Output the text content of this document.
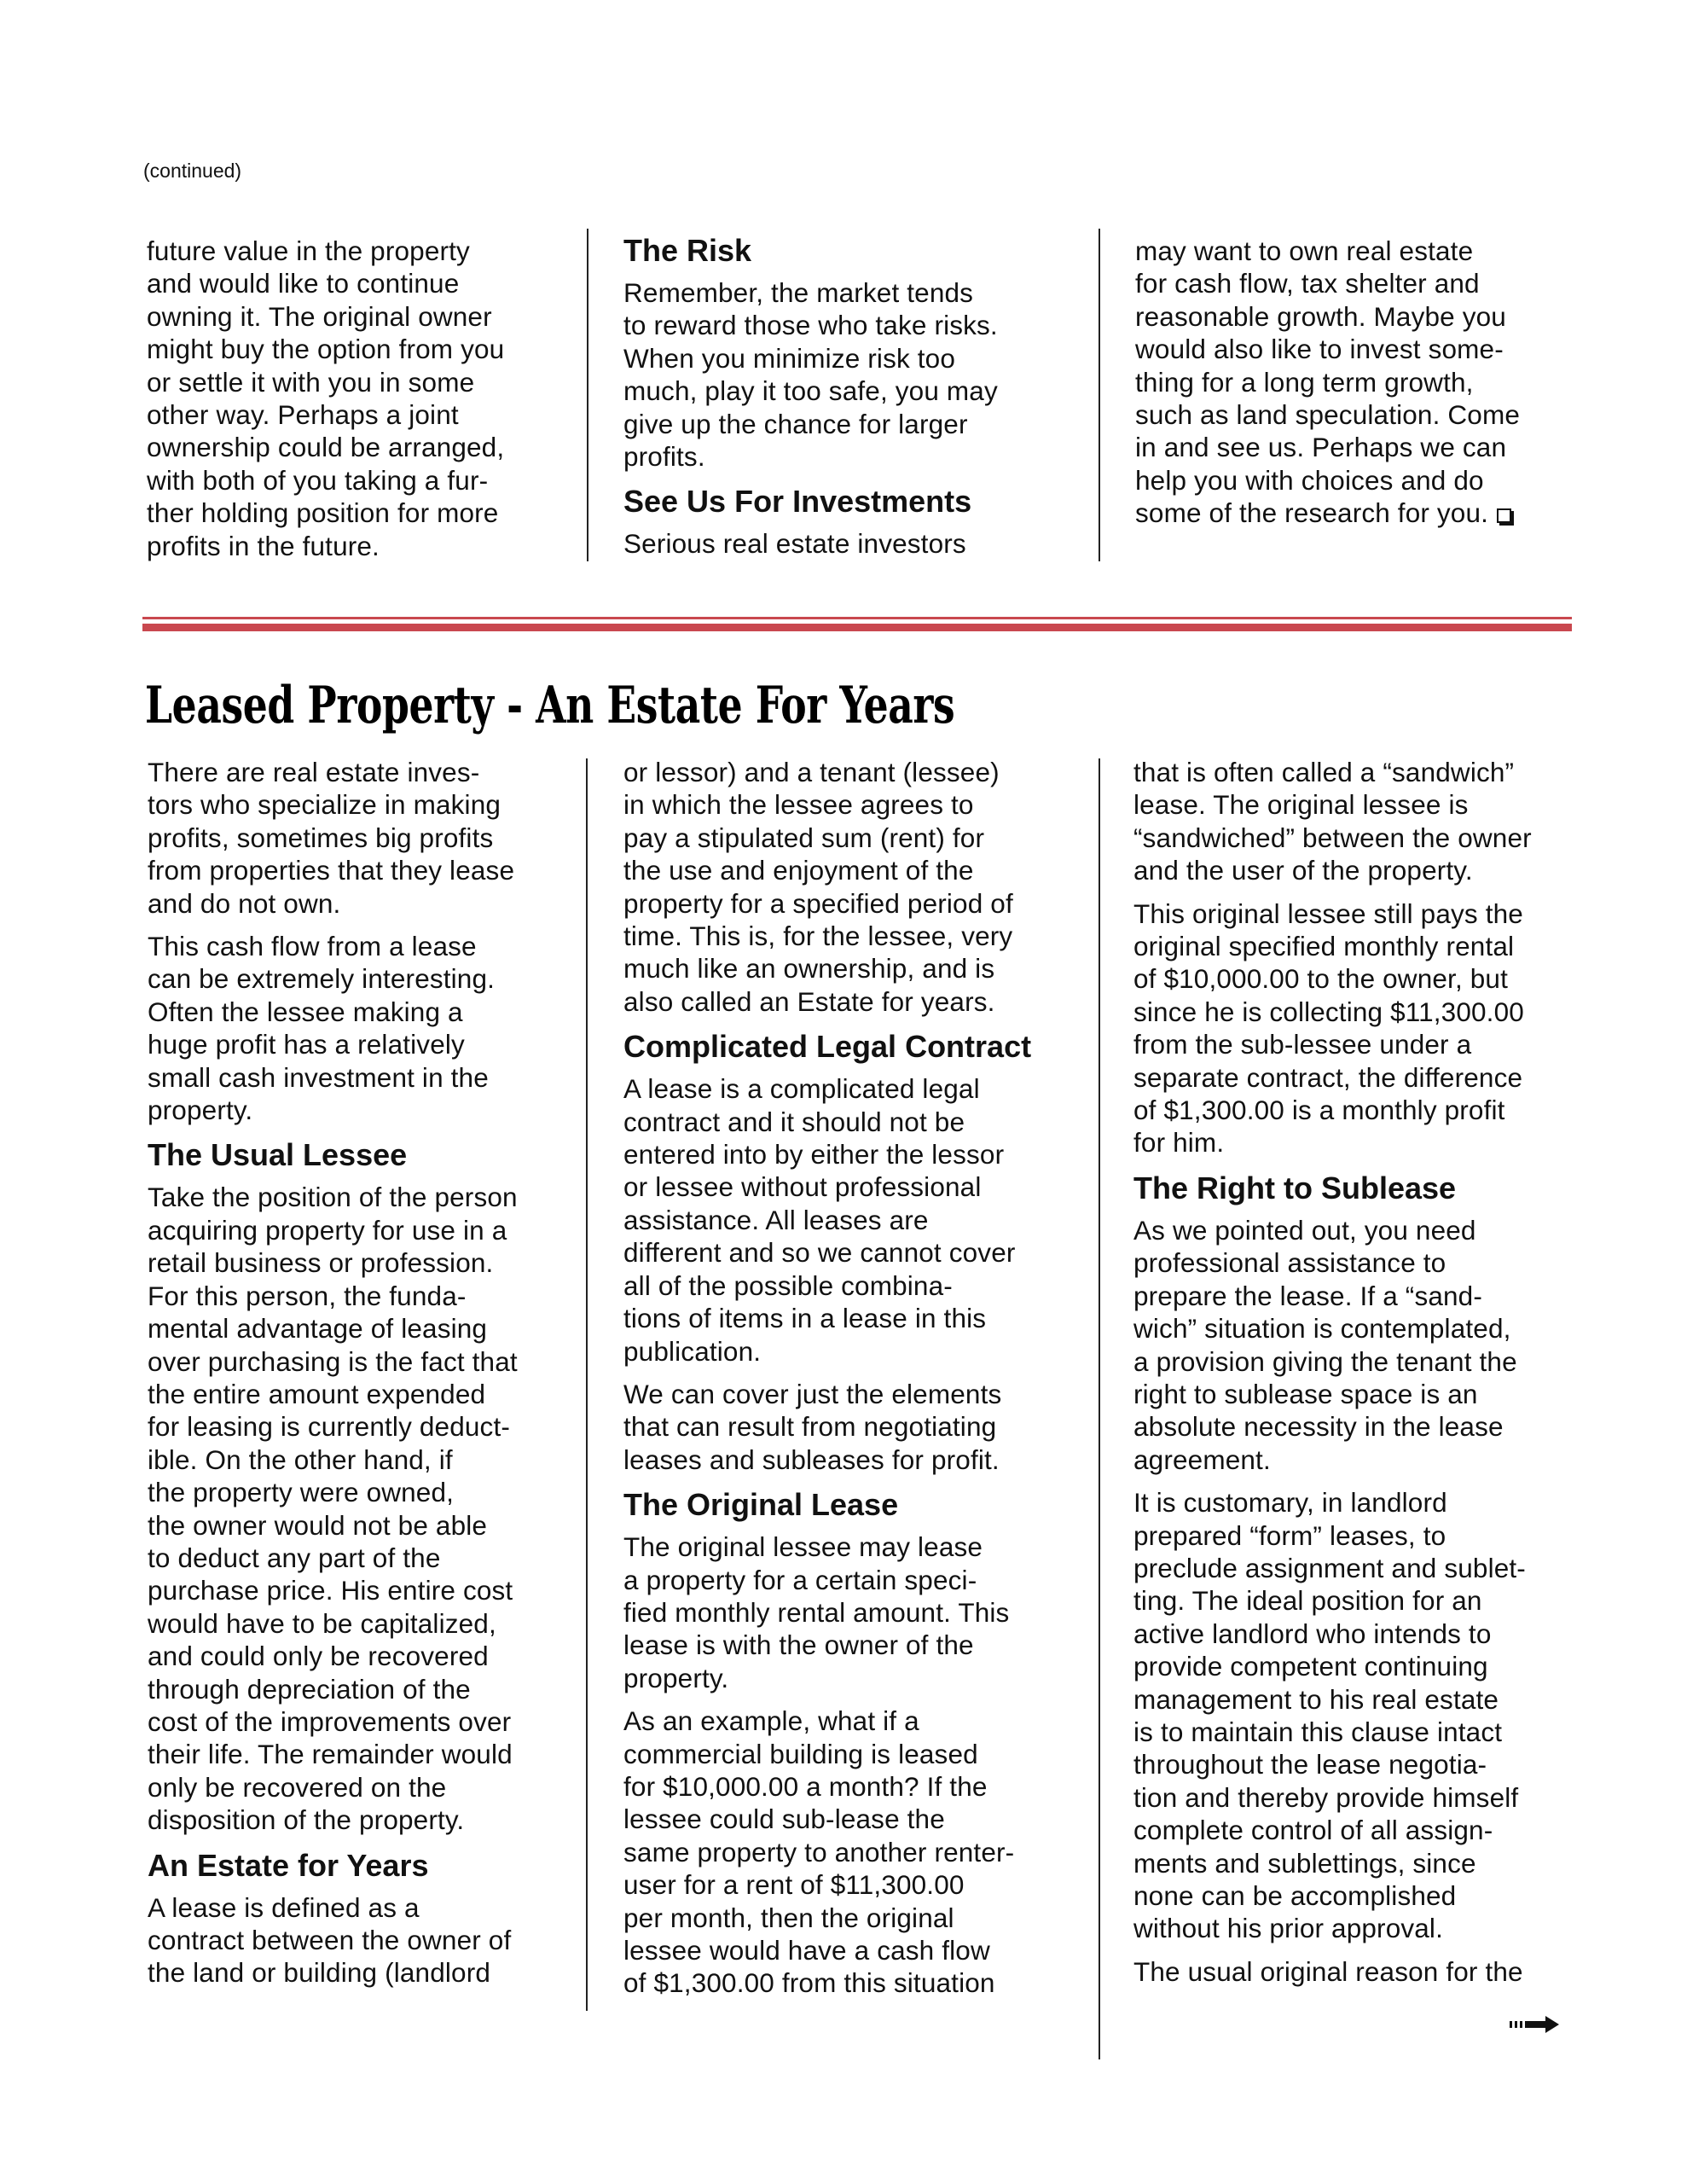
(continued)
future value in the property
and would like to continue
owning it. The original owner
might buy the option from you
or settle it with you in some
other way. Perhaps a joint
ownership could be arranged,
with both of you taking a fur-
ther holding position for more
profits in the future.
The Risk
Remember, the market tends
to reward those who take risks.
When you minimize risk too
much, play it too safe, you may
give up the chance for larger
profits.
See Us For Investments
Serious real estate investors
may want to own real estate
for cash flow, tax shelter and
reasonable growth. Maybe you
would also like to invest some-
thing for a long term growth,
such as land speculation. Come
in and see us. Perhaps we can
help you with choices and do
some of the research for you.
Leased Property - An Estate For Years
There are real estate inves-
tors who specialize in making
profits, sometimes big profits
from properties that they lease
and do not own.
This cash flow from a lease
can be extremely interesting.
Often the lessee making a
huge profit has a relatively
small cash investment in the
property.
The Usual Lessee
Take the position of the person
acquiring property for use in a
retail business or profession.
For this person, the funda-
mental advantage of leasing
over purchasing is the fact that
the entire amount expended
for leasing is currently deduct-
ible. On the other hand, if
the property were owned,
the owner would not be able
to deduct any part of the
purchase price. His entire cost
would have to be capitalized,
and could only be recovered
through depreciation of the
cost of the improvements over
their life. The remainder would
only be recovered on the
disposition of the property.
An Estate for Years
A lease is defined as a
contract between the owner of
the land or building (landlord
or lessor) and a tenant (lessee)
in which the lessee agrees to
pay a stipulated sum (rent) for
the use and enjoyment of the
property for a specified period of
time. This is, for the lessee, very
much like an ownership, and is
also called an Estate for years.
Complicated Legal Contract
A lease is a complicated legal
contract and it should not be
entered into by either the lessor
or lessee without professional
assistance. All leases are
different and so we cannot cover
all of the possible combina-
tions of items in a lease in this
publication.
We can cover just the elements
that can result from negotiating
leases and subleases for profit.
The Original Lease
The original lessee may lease
a property for a certain speci-
fied monthly rental amount. This
lease is with the owner of the
property.
As an example, what if a
commercial building is leased
for $10,000.00 a month? If the
lessee could sub-lease the
same property to another renter-
user for a rent of $11,300.00
per month, then the original
lessee would have a cash flow
of $1,300.00 from this situation
that is often called a “sandwich”
lease. The original lessee is
“sandwiched” between the owner
and the user of the property.
This original lessee still pays the
original specified monthly rental
of $10,000.00 to the owner, but
since he is collecting $11,300.00
from the sub-lessee under a
separate contract, the difference
of $1,300.00 is a monthly profit
for him.
The Right to Sublease
As we pointed out, you need
professional assistance to
prepare the lease. If a “sand-
wich” situation is contemplated,
a provision giving the tenant the
right to sublease space is an
absolute necessity in the lease
agreement.
It is customary, in landlord
prepared “form” leases, to
preclude assignment and sublet-
ting. The ideal position for an
active landlord who intends to
provide competent continuing
management to his real estate
is to maintain this clause intact
throughout the lease negotia-
tion and thereby provide himself
complete control of all assign-
ments and sublettings, since
none can be accomplished
without his prior approval.
The usual original reason for the
